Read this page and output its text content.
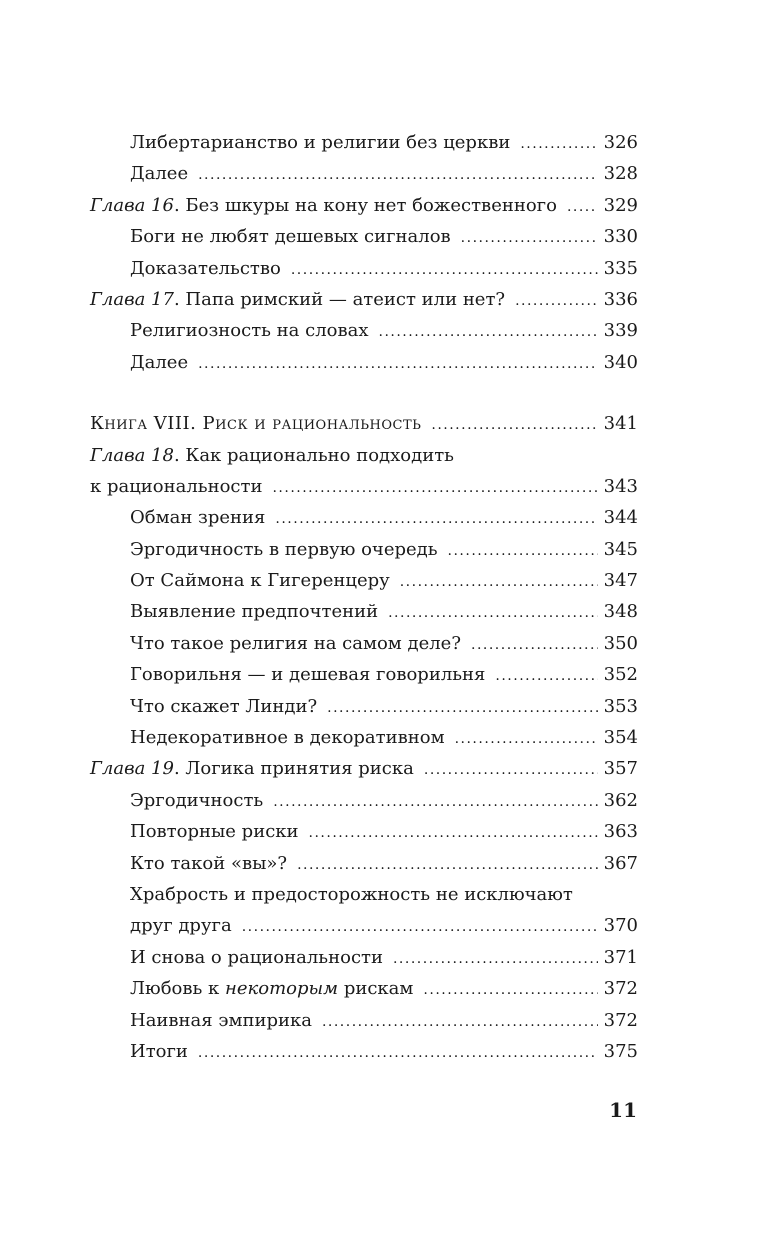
Либертарианство и религии без церкви .....	326
Далее .....	328
Глава 16. Без шкуры на кону нет божественного .....	329
Боги не любят дешевых сигналов .....	330
Доказательство .....	335
Глава 17. Папа римский — атеист или нет? .....	336
Религиозность на словах .....	339
Далее .....	340
Книга VIII. Риск и рациональность .....	341
Глава 18. Как рационально подходить
к рациональности .....	343
Обман зрения .....	344
Эргодичность в первую очередь .....	345
От Саймона к Гигеренцеру .....	347
Выявление предпочтений .....	348
Что такое религия на самом деле? .....	350
Говорильня — и дешевая говорильня .....	352
Что скажет Линди? .....	353
Недекоративное в декоративном .....	354
Глава 19. Логика принятия риска .....	357
Эргодичность .....	362
Повторные риски .....	363
Кто такой «вы»? .....	367
Храбрость и предосторожность не исключают
друг друга .....	370
И снова о рациональности .....	371
Любовь к некоторым рискам .....	372
Наивная эмпирика .....	372
Итоги .....	375
11
